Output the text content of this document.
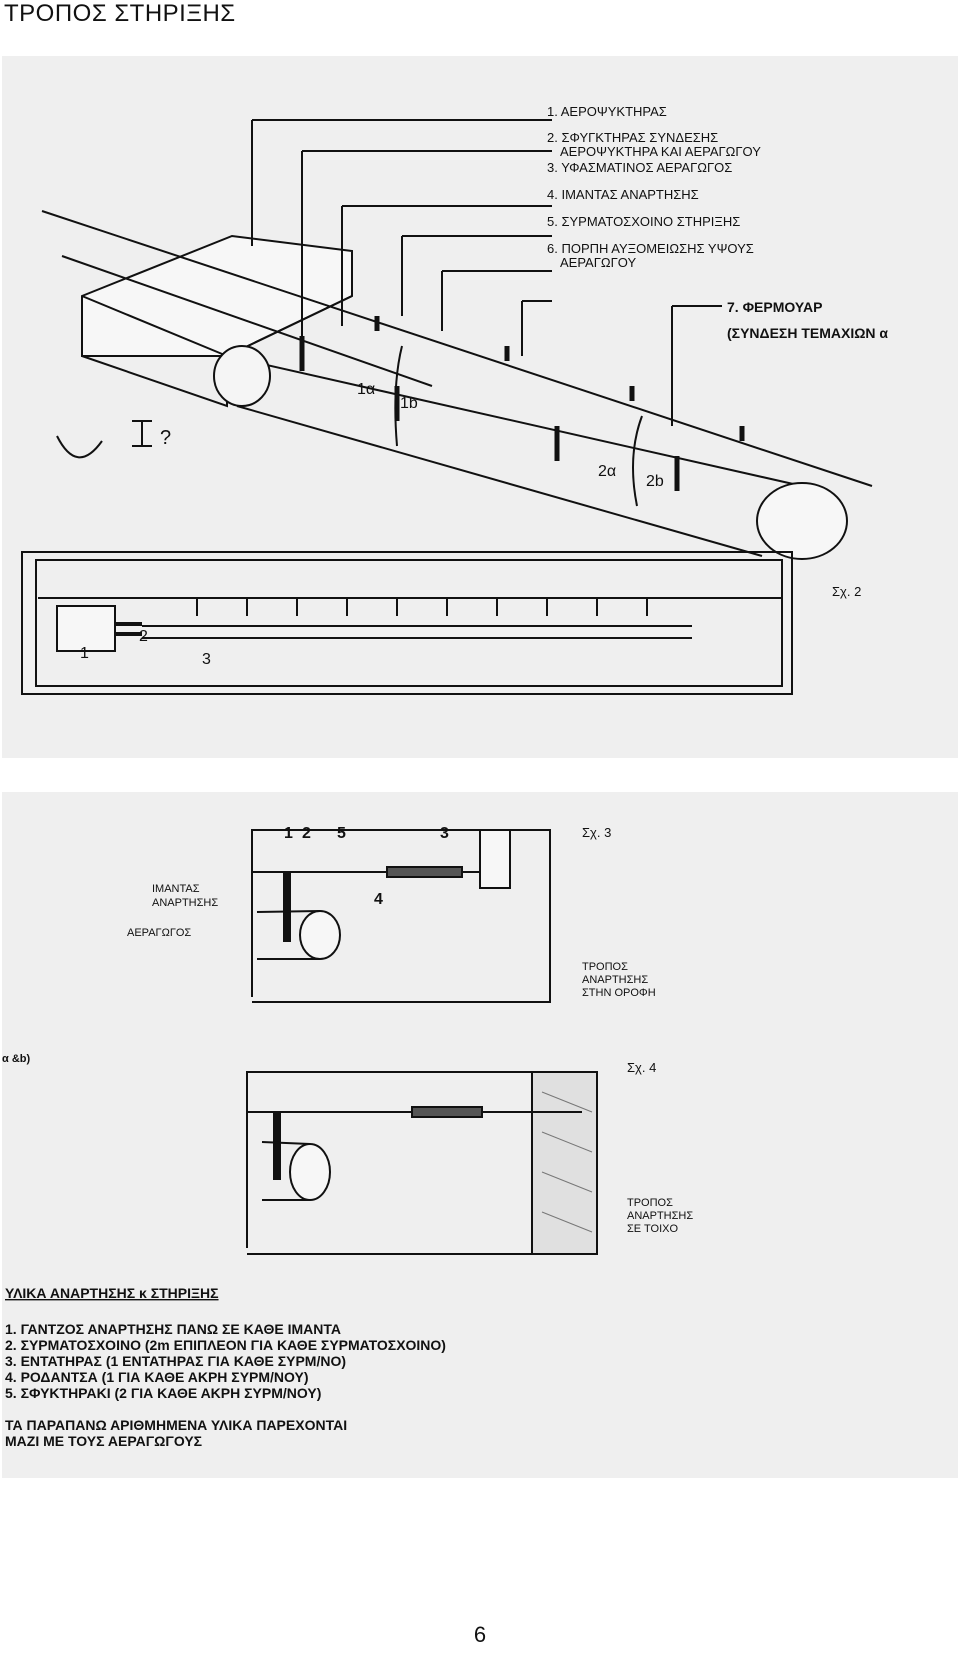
ΤΡΟΠΟΣ ΣΤΗΡΙΞΗΣ
1. ΑΕΡΟΨΥΚΤΗΡΑΣ
2. ΣΦΥΓΚΤΗΡΑΣ ΣΥΝΔΕΣΗΣ
ΑΕΡΟΨΥΚΤΗΡΑ ΚΑΙ ΑΕΡΑΓΩΓΟΥ
3. ΥΦΑΣΜΑΤΙΝΟΣ ΑΕΡΑΓΩΓΟΣ
4. ΙΜΑΝΤΑΣ ΑΝΑΡΤΗΣΗΣ
5. ΣΥΡΜΑΤΟΣΧΟΙΝΟ ΣΤΗΡΙΞΗΣ
6. ΠΟΡΠΗ ΑΥΞΟΜΕΙΩΣΗΣ ΥΨΟΥΣ
ΑΕΡΑΓΩΓΟΥ
7. ΦΕΡΜΟΥΑΡ
(ΣΥΝΔΕΣΗ ΤΕΜΑΧΙΩΝ α
1α
1b
2α
2b
?
Σχ. 2
1
2
3
1 2 5	3
4
Σχ. 3
ΙΜΑΝΤΑΣ
ΑΝΑΡΤΗΣΗΣ
ΑΕΡΑΓΩΓΟΣ
ΤΡΟΠΟΣ
ΑΝΑΡΤΗΣΗΣ
ΣΤΗΝ ΟΡΟΦΗ
α &b)
Σχ. 4
ΤΡΟΠΟΣ
ΑΝΑΡΤΗΣΗΣ
ΣΕ ΤΟΙΧΟ
ΥΛΙΚΑ ΑΝΑΡΤΗΣΗΣ κ ΣΤΗΡΙΞΗΣ
1. ΓΑΝΤΖΟΣ ΑΝΑΡΤΗΣΗΣ ΠΑΝΩ ΣΕ ΚΑΘΕ ΙΜΑΝΤΑ
2. ΣΥΡΜΑΤΟΣΧΟΙΝΟ (2m ΕΠΙΠΛΕΟΝ ΓΙΑ ΚΑΘΕ ΣΥΡΜΑΤΟΣΧΟΙΝΟ)
3. ΕΝΤΑΤΗΡΑΣ (1 ΕΝΤΑΤΗΡΑΣ ΓΙΑ ΚΑΘΕ ΣΥΡΜ/ΝΟ)
4. ΡΟΔΑΝΤΣΑ (1 ΓΙΑ ΚΑΘΕ ΑΚΡΗ ΣΥΡΜ/ΝΟΥ)
5. ΣΦΥΚΤΗΡΑΚΙ (2 ΓΙΑ ΚΑΘΕ ΑΚΡΗ ΣΥΡΜ/ΝΟΥ)
ΤΑ ΠΑΡΑΠΑΝΩ ΑΡΙΘΜΗΜΕΝΑ ΥΛΙΚΑ ΠΑΡΕΧΟΝΤΑΙ
ΜΑΖΙ ΜΕ ΤΟΥΣ ΑΕΡΑΓΩΓΟΥΣ
6
